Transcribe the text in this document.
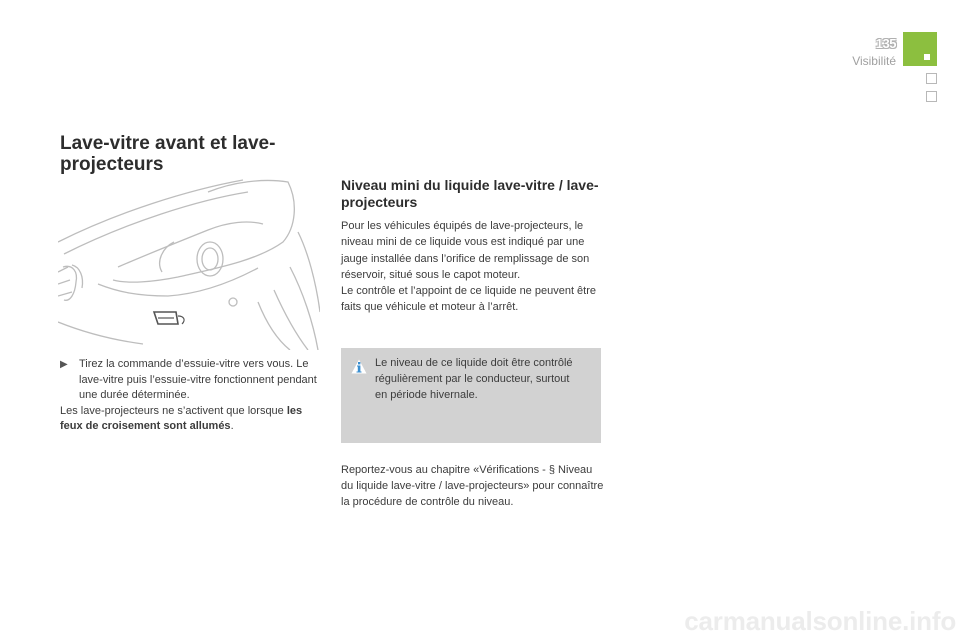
135
Visibilité
Lave-vitre avant et lave-projecteurs
▶ Tirez la commande d’essuie-vitre vers vous. Le lave-vitre puis l’essuie-vitre fonctionnent pendant une durée déterminée.

Les lave-projecteurs ne s’activent que lorsque les feux de croisement sont allumés.

Niveau mini du liquide lave-vitre / lave-projecteurs

Pour les véhicules équipés de lave-projecteurs, le niveau mini de ce liquide vous est indiqué par une jauge installée dans l’orifice de remplissage de son réservoir, situé sous le capot moteur.

Le contrôle et l’appoint de ce liquide ne peuvent être faits que véhicule et moteur à l’arrêt.

Le niveau de ce liquide doit être contrôlé régulièrement par le conducteur, surtout en période hivernale.
Reportez-vous au chapitre «Vérifications - § Niveau du liquide lave-vitre / lave-projecteurs» pour connaître la procédure de contrôle du niveau.
carmanualsonline.info
